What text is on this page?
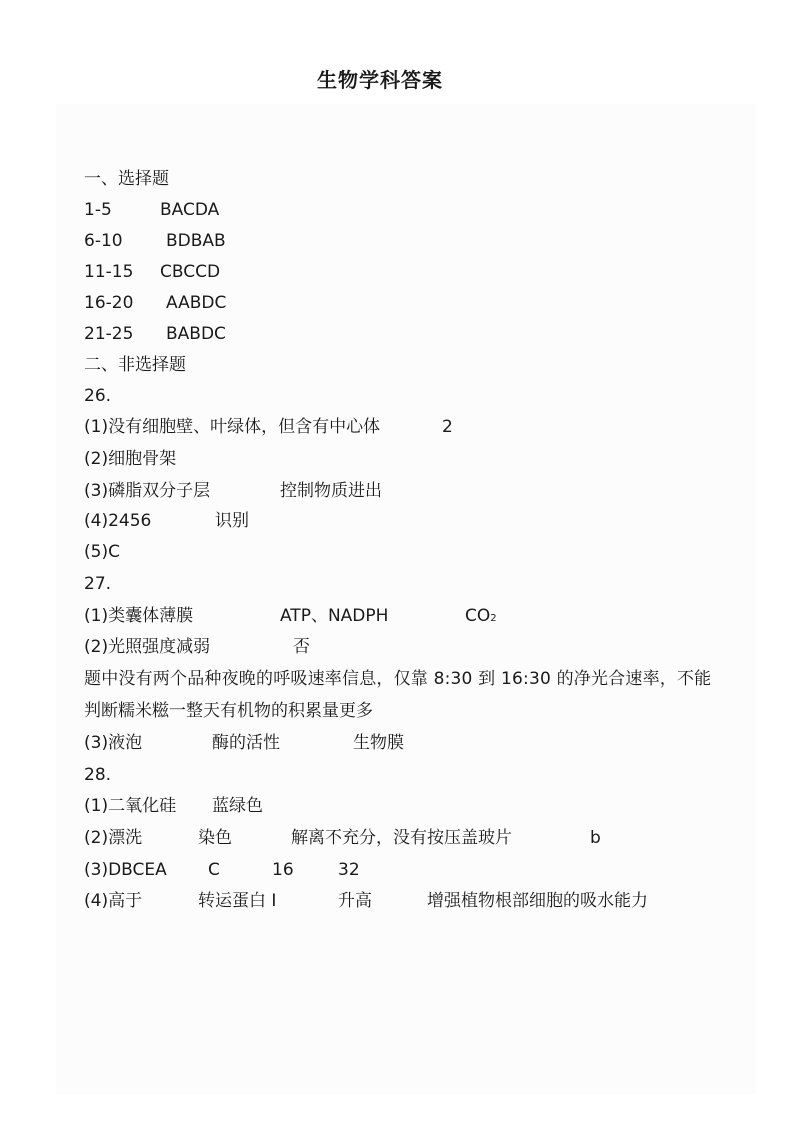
生物学科答案
一、选择题
1-5	BACDA
6-10	BDBAB
11-15 CBCCD
16-20 AABDC
21-25 BABDC
二、非选择题
26.
(1)没有细胞壁、叶绿体，但含有中心体	2
(2)细胞骨架
(3)磷脂双分子层	控制物质进出
(4)2456	识别
(5)C
27.
(1)类囊体薄膜	ATP、NADPH	CO2
(2)光照强度减弱	否
题中没有两个品种夜晚的呼吸速率信息，仅靠 8:30 到 16:30 的净光合速率，不能
判断糯米糍一整天有机物的积累量更多
(3)液泡	酶的活性	生物膜
28.
(1)二氧化硅 蓝绿色
(2)漂洗	染色	解离不充分，没有按压盖玻片	b
(3)DBCEA C	16	32
(4)高于	转运蛋白 I	升高	增强植物根部细胞的吸水能力
